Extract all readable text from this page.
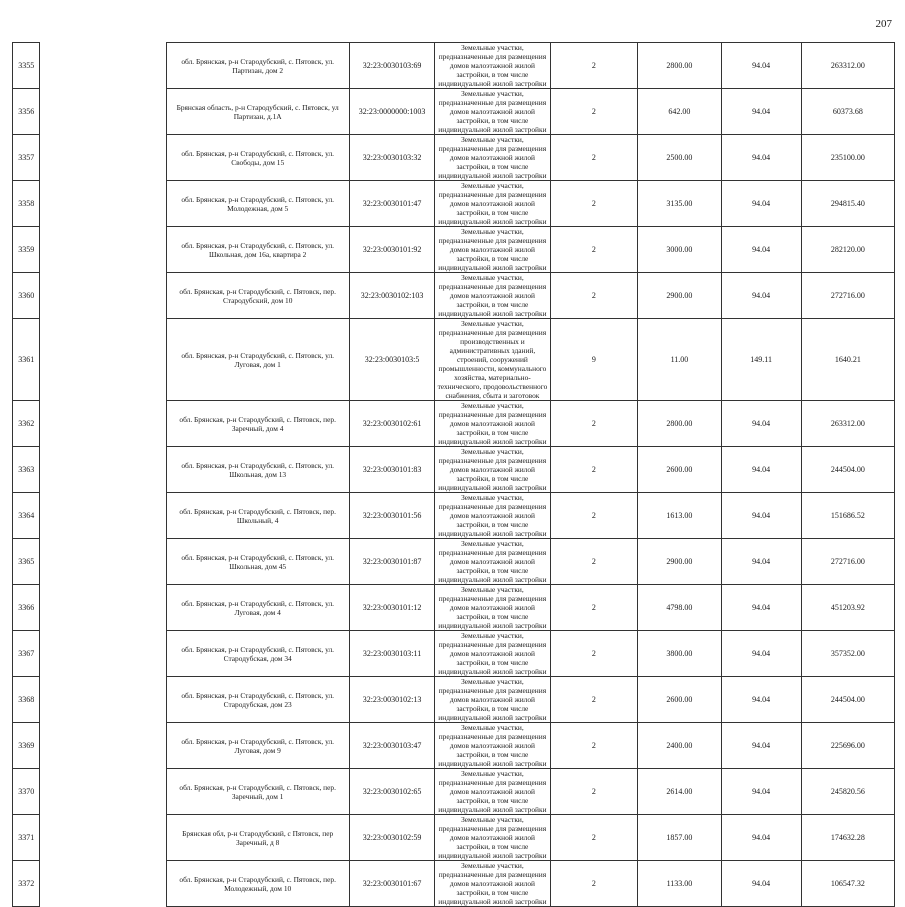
207
3355		обл. Брянская, р-н Стародубский, с. Пятовск, ул. Партизан, дом 2	32:23:0030103:69	Земельные участки, предназначенные для размещения домов малоэтажной жилой застройки, в том числе индивидуальной жилой застройки	2	2800.00	94.04	263312.00
3356		Брянская область, р-н Стародубский, с. Пятовск, ул Партизан, д.1А	32:23:0000000:1003	Земельные участки, предназначенные для размещения домов малоэтажной жилой застройки, в том числе индивидуальной жилой застройки	2	642.00	94.04	60373.68
3357		обл. Брянская, р-н Стародубский, с. Пятовск, ул. Свободы, дом 15	32:23:0030103:32	Земельные участки, предназначенные для размещения домов малоэтажной жилой застройки, в том числе индивидуальной жилой застройки	2	2500.00	94.04	235100.00
3358		обл. Брянская, р-н Стародубский, с. Пятовск, ул. Молодежная, дом 5	32:23:0030101:47	Земельные участки, предназначенные для размещения домов малоэтажной жилой застройки, в том числе индивидуальной жилой застройки	2	3135.00	94.04	294815.40
3359		обл. Брянская, р-н Стародубский, с. Пятовск, ул. Школьная, дом 16а, квартира 2	32:23:0030101:92	Земельные участки, предназначенные для размещения домов малоэтажной жилой застройки, в том числе индивидуальной жилой застройки	2	3000.00	94.04	282120.00
3360		обл. Брянская, р-н Стародубский, с. Пятовск, пер. Стародубский, дом 10	32:23:0030102:103	Земельные участки, предназначенные для размещения домов малоэтажной жилой застройки, в том числе индивидуальной жилой застройки	2	2900.00	94.04	272716.00
3361		обл. Брянская, р-н Стародубский, с. Пятовск, ул. Луговая, дом 1	32:23:0030103:5	Земельные участки, предназначенные для размещения производственных и административных зданий, строений, сооружений промышленности, коммунального хозяйства, материально-технического, продовольственного снабжения, сбыта и заготовок	9	11.00	149.11	1640.21
3362		обл. Брянская, р-н Стародубский, с. Пятовск, пер. Заречный, дом 4	32:23:0030102:61	Земельные участки, предназначенные для размещения домов малоэтажной жилой застройки, в том числе индивидуальной жилой застройки	2	2800.00	94.04	263312.00
3363		обл. Брянская, р-н Стародубский, с. Пятовск, ул. Школьная, дом 13	32:23:0030101:83	Земельные участки, предназначенные для размещения домов малоэтажной жилой застройки, в том числе индивидуальной жилой застройки	2	2600.00	94.04	244504.00
3364		обл. Брянская, р-н Стародубский, с. Пятовск, пер. Школьный, 4	32:23:0030101:56	Земельные участки, предназначенные для размещения домов малоэтажной жилой застройки, в том числе индивидуальной жилой застройки	2	1613.00	94.04	151686.52
3365		обл. Брянская, р-н Стародубский, с. Пятовск, ул. Школьная, дом 45	32:23:0030101:87	Земельные участки, предназначенные для размещения домов малоэтажной жилой застройки, в том числе индивидуальной жилой застройки	2	2900.00	94.04	272716.00
3366		обл. Брянская, р-н Стародубский, с. Пятовск, ул. Луговая, дом 4	32:23:0030101:12	Земельные участки, предназначенные для размещения домов малоэтажной жилой застройки, в том числе индивидуальной жилой застройки	2	4798.00	94.04	451203.92
3367		обл. Брянская, р-н Стародубский, с. Пятовск, ул. Стародубская, дом 34	32:23:0030103:11	Земельные участки, предназначенные для размещения домов малоэтажной жилой застройки, в том числе индивидуальной жилой застройки	2	3800.00	94.04	357352.00
3368		обл. Брянская, р-н Стародубский, с. Пятовск, ул. Стародубская, дом 23	32:23:0030102:13	Земельные участки, предназначенные для размещения домов малоэтажной жилой застройки, в том числе индивидуальной жилой застройки	2	2600.00	94.04	244504.00
3369		обл. Брянская, р-н Стародубский, с. Пятовск, ул. Луговая, дом 9	32:23:0030103:47	Земельные участки, предназначенные для размещения домов малоэтажной жилой застройки, в том числе индивидуальной жилой застройки	2	2400.00	94.04	225696.00
3370		обл. Брянская, р-н Стародубский, с. Пятовск, пер. Заречный, дом 1	32:23:0030102:65	Земельные участки, предназначенные для размещения домов малоэтажной жилой застройки, в том числе индивидуальной жилой застройки	2	2614.00	94.04	245820.56
3371		Брянская обл, р-н Стародубский, с Пятовск, пер Заречный, д 8	32:23:0030102:59	Земельные участки, предназначенные для размещения домов малоэтажной жилой застройки, в том числе индивидуальной жилой застройки	2	1857.00	94.04	174632.28
3372		обл. Брянская, р-н Стародубский, с. Пятовск, пер. Молодежный, дом 10	32:23:0030101:67	Земельные участки, предназначенные для размещения домов малоэтажной жилой застройки, в том числе индивидуальной жилой застройки	2	1133.00	94.04	106547.32
